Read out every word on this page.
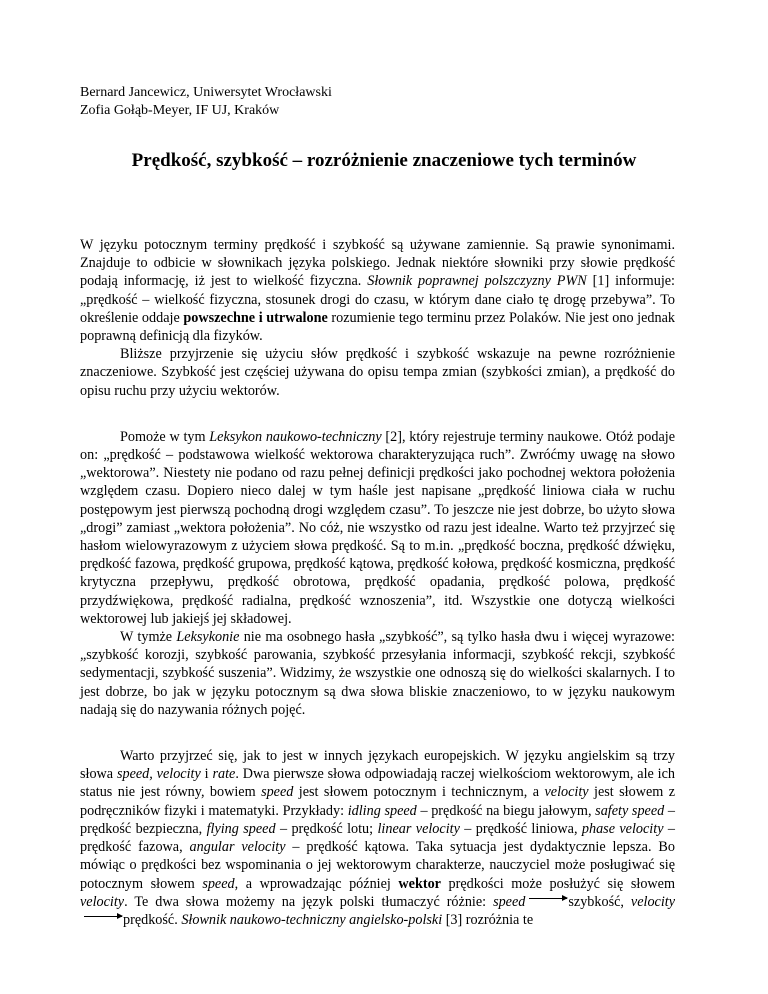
Bernard Jancewicz, Uniwersytet Wrocławski
Zofia Gołąb-Meyer, IF UJ, Kraków
Prędkość, szybkość – rozróżnienie znaczeniowe tych terminów

W języku potocznym terminy prędkość i szybkość są używane zamiennie. Są prawie synonimami. Znajduje to odbicie w słownikach języka polskiego. Jednak niektóre słowniki przy słowie prędkość podają informację, iż jest to wielkość fizyczna. Słownik poprawnej polszczyzny PWN [1] informuje: „prędkość – wielkość fizyczna, stosunek drogi do czasu, w którym dane ciało tę drogę przebywa”. To określenie oddaje powszechne i utrwalone rozumienie tego terminu przez Polaków. Nie jest ono jednak poprawną definicją dla fizyków.

Bliższe przyjrzenie się użyciu słów prędkość i szybkość wskazuje na pewne rozróżnienie znaczeniowe. Szybkość jest częściej używana do opisu tempa zmian (szybkości zmian), a prędkość do opisu ruchu przy użyciu wektorów.

Pomoże w tym Leksykon naukowo-techniczny [2], który rejestruje terminy naukowe. Otóż podaje on: „prędkość – podstawowa wielkość wektorowa charakteryzująca ruch”. Zwróćmy uwagę na słowo „wektorowa”. Niestety nie podano od razu pełnej definicji prędkości jako pochodnej wektora położenia względem czasu. Dopiero nieco dalej w tym haśle jest napisane „prędkość liniowa ciała w ruchu postępowym jest pierwszą pochodną drogi względem czasu”. To jeszcze nie jest dobrze, bo użyto słowa „drogi” zamiast „wektora położenia”. No cóż, nie wszystko od razu jest idealne. Warto też przyjrzeć się hasłom wielowyrazowym z użyciem słowa prędkość. Są to m.in. „prędkość boczna, prędkość dźwięku, prędkość fazowa, prędkość grupowa, prędkość kątowa, prędkość kołowa, prędkość kosmiczna, prędkość krytyczna przepływu, prędkość obrotowa, prędkość opadania, prędkość polowa, prędkość przydźwiękowa, prędkość radialna, prędkość wznoszenia”, itd. Wszystkie one dotyczą wielkości wektorowej lub jakiejś jej składowej.

W tymże Leksykonie nie ma osobnego hasła „szybkość”, są tylko hasła dwu i więcej wyrazowe: „szybkość korozji, szybkość parowania, szybkość przesyłania informacji, szybkość rekcji, szybkość sedymentacji, szybkość suszenia”. Widzimy, że wszystkie one odnoszą się do wielkości skalarnych. I to jest dobrze, bo jak w języku potocznym są dwa słowa bliskie znaczeniowo, to w języku naukowym nadają się do nazywania różnych pojęć.

Warto przyjrzeć się, jak to jest w innych językach europejskich. W języku angielskim są trzy słowa speed, velocity i rate. Dwa pierwsze słowa odpowiadają raczej wielkościom wektorowym, ale ich status nie jest równy, bowiem speed jest słowem potocznym i technicznym, a velocity jest słowem z podręczników fizyki i matematyki. Przykłady: idling speed – prędkość na biegu jałowym, safety speed – prędkość bezpieczna, flying speed – prędkość lotu; linear velocity – prędkość liniowa, phase velocity – prędkość fazowa, angular velocity – prędkość kątowa. Taka sytuacja jest dydaktycznie lepsza. Bo mówiąc o prędkości bez wspominania o jej wektorowym charakterze, nauczyciel może posługiwać się potocznym słowem speed, a wprowadzając później wektor prędkości może posłużyć się słowem velocity. Te dwa słowa możemy na język polski tłumaczyć różnie: speed	szybkość, velocityprędkość. Słownik naukowo-techniczny angielsko-polski [3] rozróżnia te
